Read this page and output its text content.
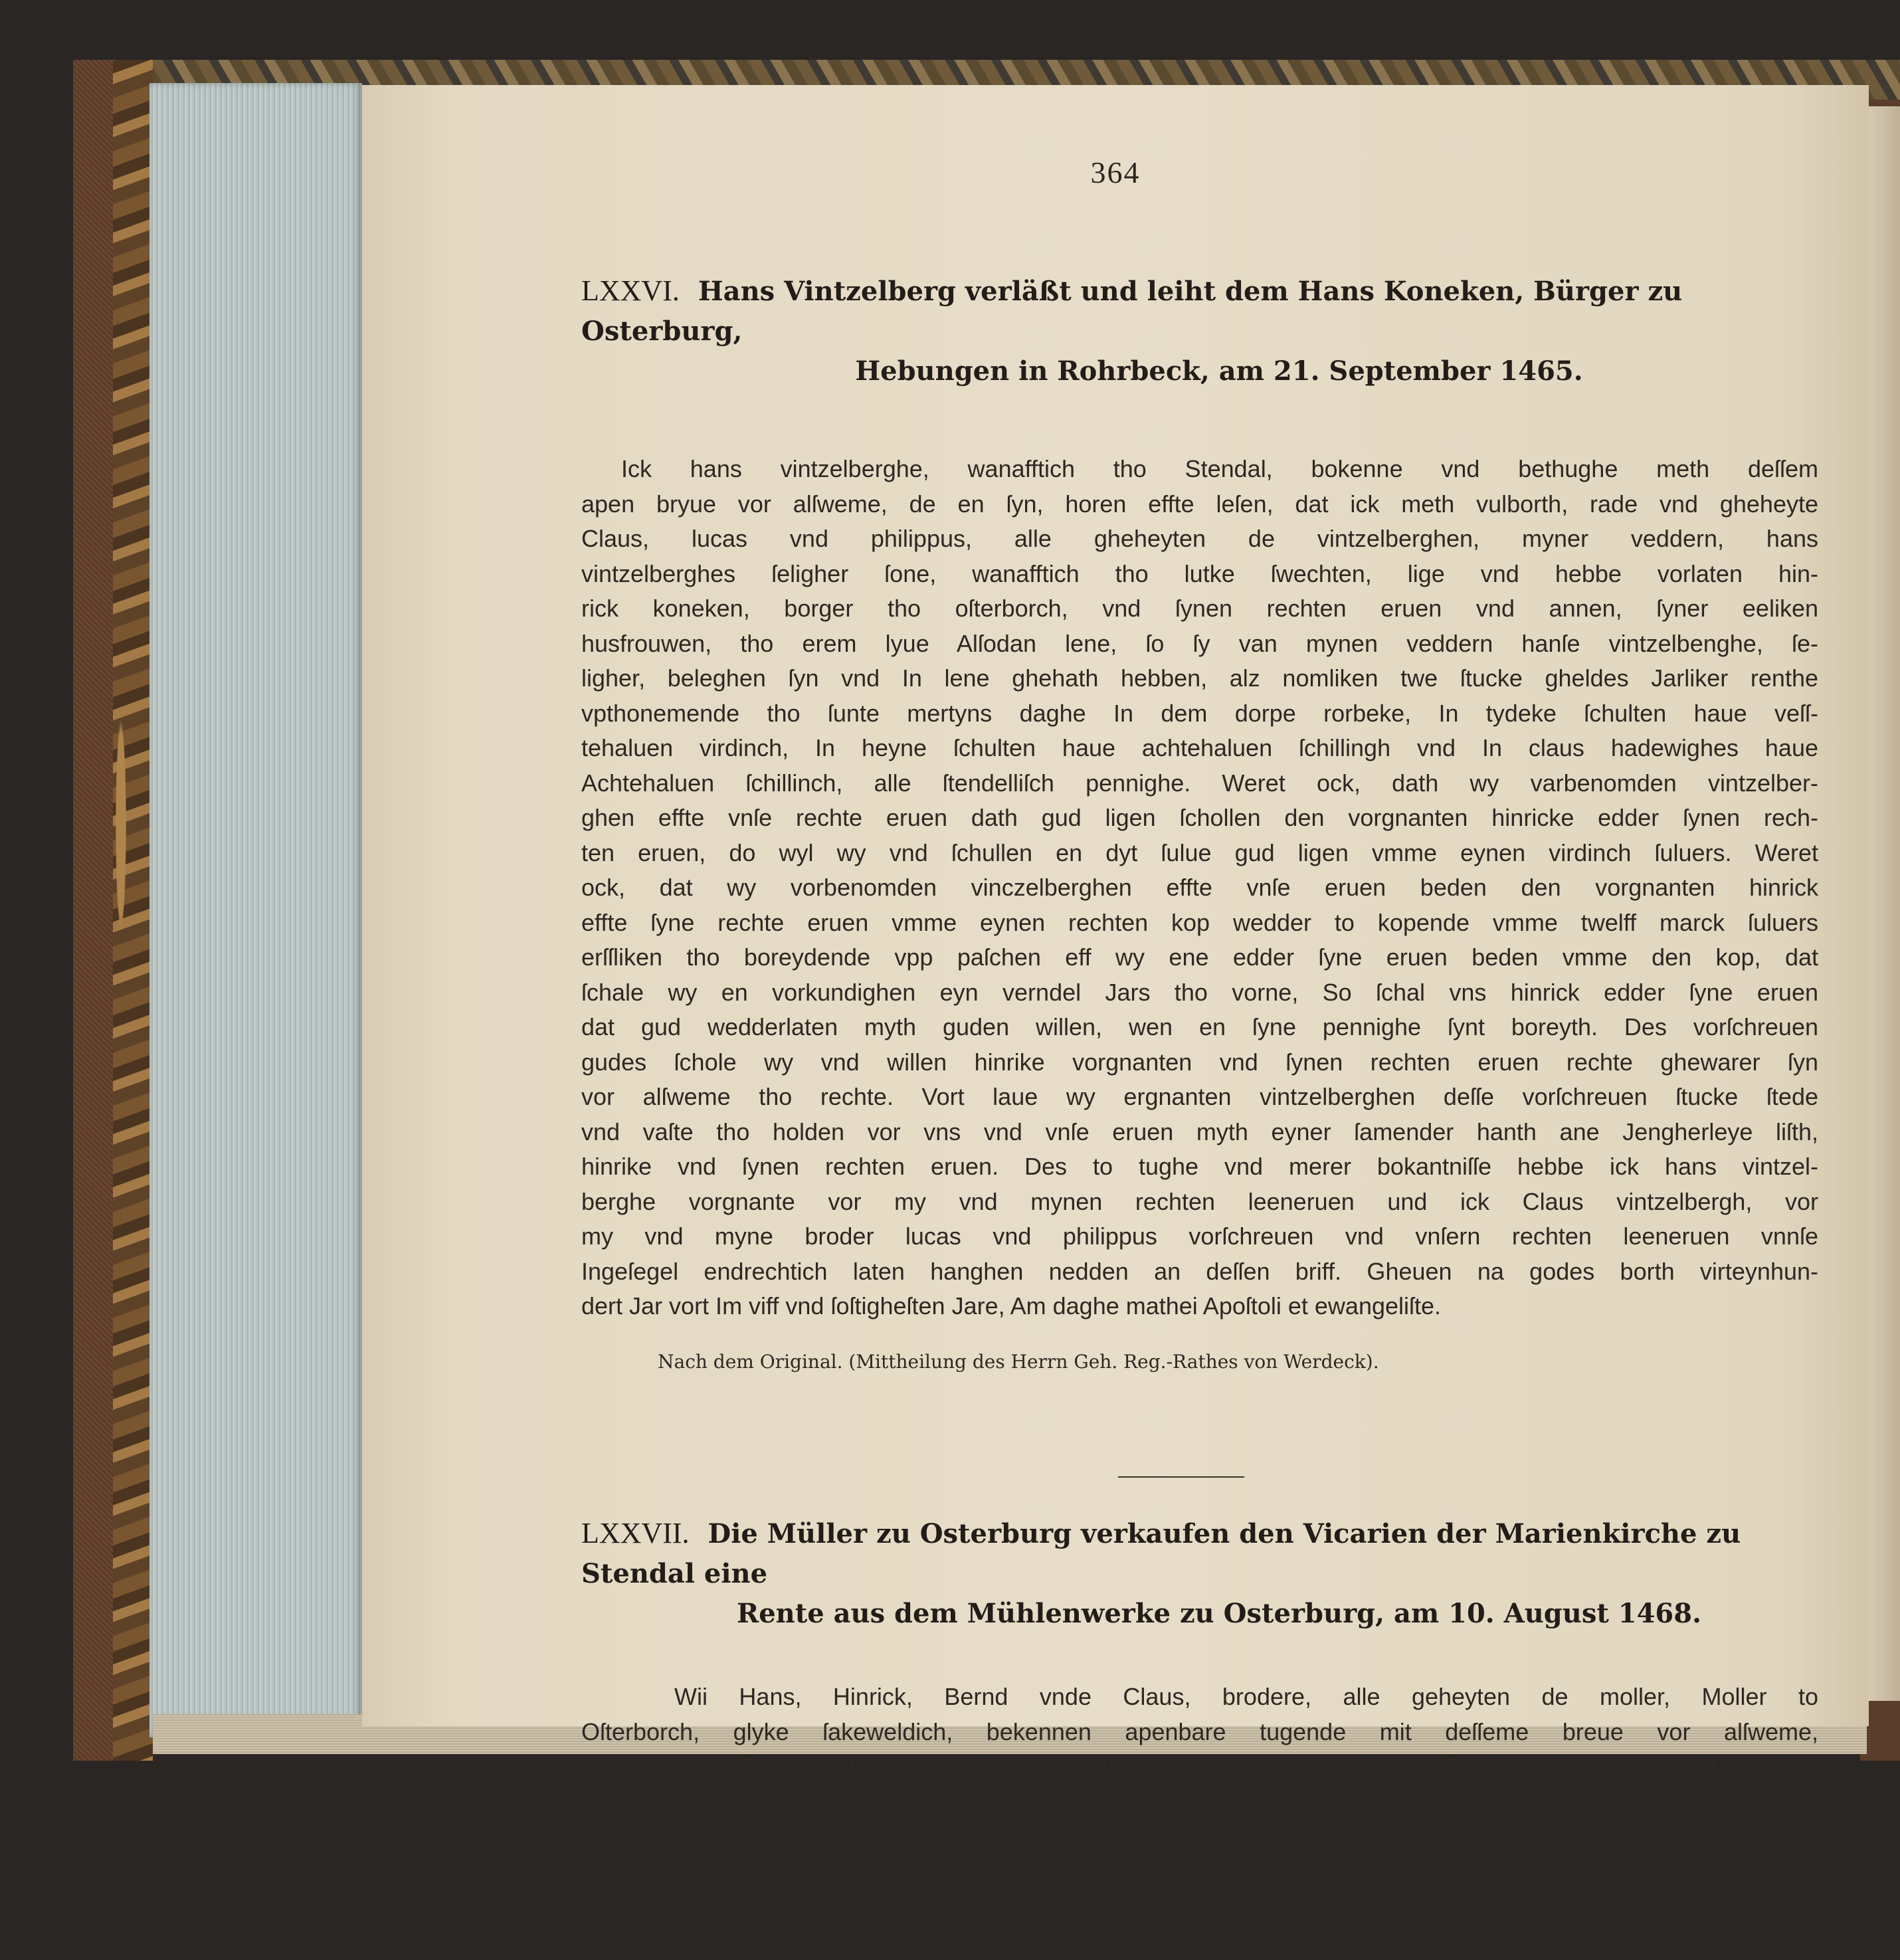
364
LXXVI. Hans Vintzelberg verläßt und leiht dem Hans Koneken, Bürger zu Osterburg,
Hebungen in Rohrbeck, am 21. September 1465.
Ick hans vintzelberghe, wanafftich tho Stendal, bokenne vnd bethughe meth deſſem
apen bryue vor alſweme, de en ſyn, horen effte leſen, dat ick meth vulborth, rade vnd gheheyte
Claus, lucas vnd philippus, alle gheheyten de vintzelberghen, myner veddern, hans
vintzelberghes ſeligher ſone, wanafftich tho lutke ſwechten, lige vnd hebbe vorlaten hin-
rick koneken, borger tho oſterborch, vnd ſynen rechten eruen vnd annen, ſyner eeliken
husfrouwen, tho erem lyue Alſodan lene, ſo ſy van mynen veddern hanſe vintzelbenghe, ſe-
ligher, beleghen ſyn vnd In lene ghehath hebben, alz nomliken twe ſtucke gheldes Jarliker renthe
vpthonemende tho ſunte mertyns daghe In dem dorpe rorbeke, In tydeke ſchulten haue veſſ-
tehaluen virdinch, In heyne ſchulten haue achtehaluen ſchillingh vnd In claus hadewighes haue
Achtehaluen ſchillinch, alle ſtendelliſch pennighe. Weret ock, dath wy varbenomden vintzelber-
ghen effte vnſe rechte eruen dath gud ligen ſchollen den vorgnanten hinricke edder ſynen rech-
ten eruen, do wyl wy vnd ſchullen en dyt ſulue gud ligen vmme eynen virdinch ſuluers. Weret
ock, dat wy vorbenomden vinczelberghen effte vnſe eruen beden den vorgnanten hinrick
effte ſyne rechte eruen vmme eynen rechten kop wedder to kopende vmme twelff marck ſuluers
erſſliken tho boreydende vpp paſchen eff wy ene edder ſyne eruen beden vmme den kop, dat
ſchale wy en vorkundighen eyn verndel Jars tho vorne, So ſchal vns hinrick edder ſyne eruen
dat gud wedderlaten myth guden willen, wen en ſyne pennighe ſynt boreyth. Des vorſchreuen
gudes ſchole wy vnd willen hinrike vorgnanten vnd ſynen rechten eruen rechte ghewarer ſyn
vor alſweme tho rechte. Vort laue wy ergnanten vintzelberghen deſſe vorſchreuen ſtucke ſtede
vnd vaſte tho holden vor vns vnd vnſe eruen myth eyner ſamender hanth ane Jengherleye liſth,
hinrike vnd ſynen rechten eruen. Des to tughe vnd merer bokantniſſe hebbe ick hans vintzel-
berghe vorgnante vor my vnd mynen rechten leeneruen und ick Claus vintzelbergh, vor
my vnd myne broder lucas vnd philippus vorſchreuen vnd vnſern rechten leeneruen vnnſe
Ingeſegel endrechtich laten hanghen nedden an deſſen briff. Gheuen na godes borth virteynhun-
dert Jar vort Im viff vnd ſoſtigheſten Jare, Am daghe mathei Apoſtoli et ewangeliſte.
Nach dem Original. (Mittheilung des Herrn Geh. Reg.-Rathes von Werdeck).
LXXVII. Die Müller zu Osterburg verkaufen den Vicarien der Marienkirche zu Stendal eine
Rente aus dem Mühlenwerke zu Osterburg, am 10. August 1468.
Wii Hans, Hinrick, Bernd vnde Claus, brodere, alle geheyten de moller, Moller to
Oſterborch, glyke ſakeweldich, bekennen apenbare tugende mit deſſeme breue vor alſweme,
dat wy mit Rade, willen vnnd fulbord vnſer eruen vnnd pachtherrn Rechtes kopes vorkofft hebben
